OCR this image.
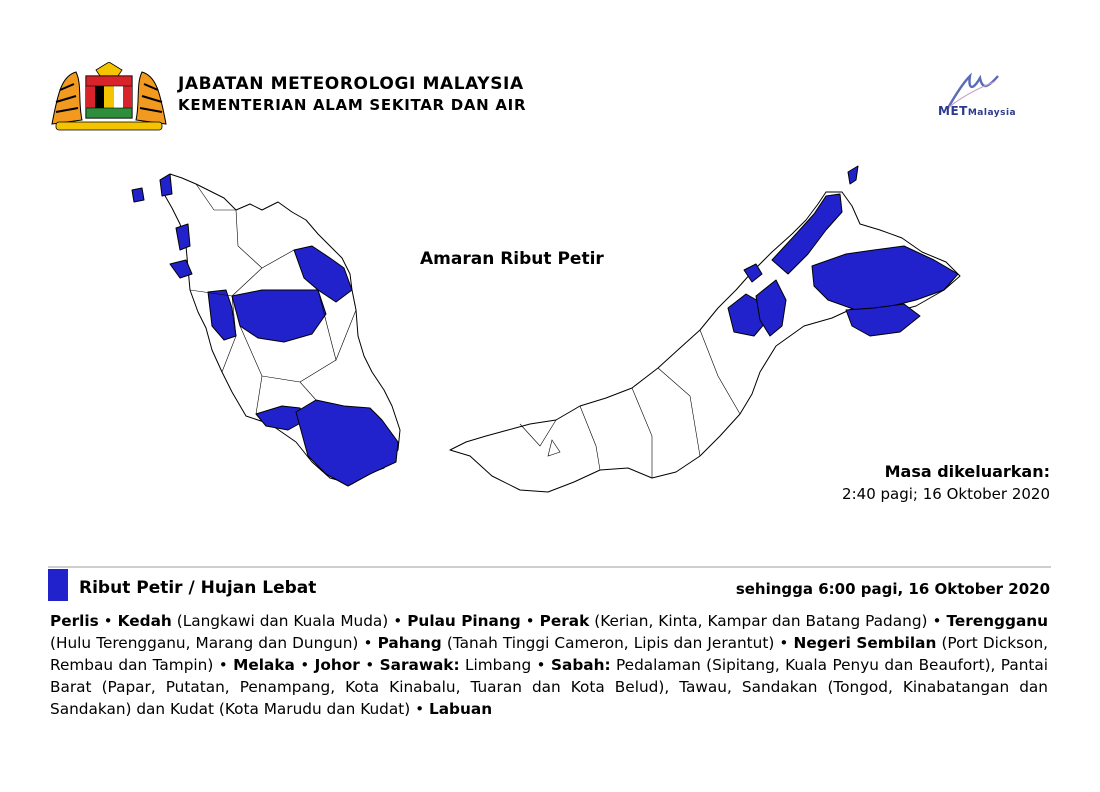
JABATAN METEOROLOGI MALAYSIA
KEMENTERIAN ALAM SEKITAR DAN AIR	METMalaysia
Amaran Ribut Petir
Masa dikeluarkan:
2:40 pagi; 16 Oktober 2020
Ribut Petir / Hujan Lebat	sehingga 6:00 pagi, 16 Oktober 2020
Perlis • Kedah (Langkawi dan Kuala Muda) • Pulau Pinang • Perak (Kerian, Kinta, Kampar dan Batang Padang) • Terengganu (Hulu Terengganu, Marang dan Dungun) • Pahang (Tanah Tinggi Cameron, Lipis dan Jerantut) • Negeri Sembilan (Port Dickson, Rembau dan Tampin) • Melaka • Johor • Sarawak: Limbang • Sabah: Pedalaman (Sipitang, Kuala Penyu dan Beaufort), Pantai Barat (Papar, Putatan, Penampang, Kota Kinabalu, Tuaran dan Kota Belud), Tawau, Sandakan (Tongod, Kinabatangan dan Sandakan) dan Kudat (Kota Marudu dan Kudat) • Labuan
